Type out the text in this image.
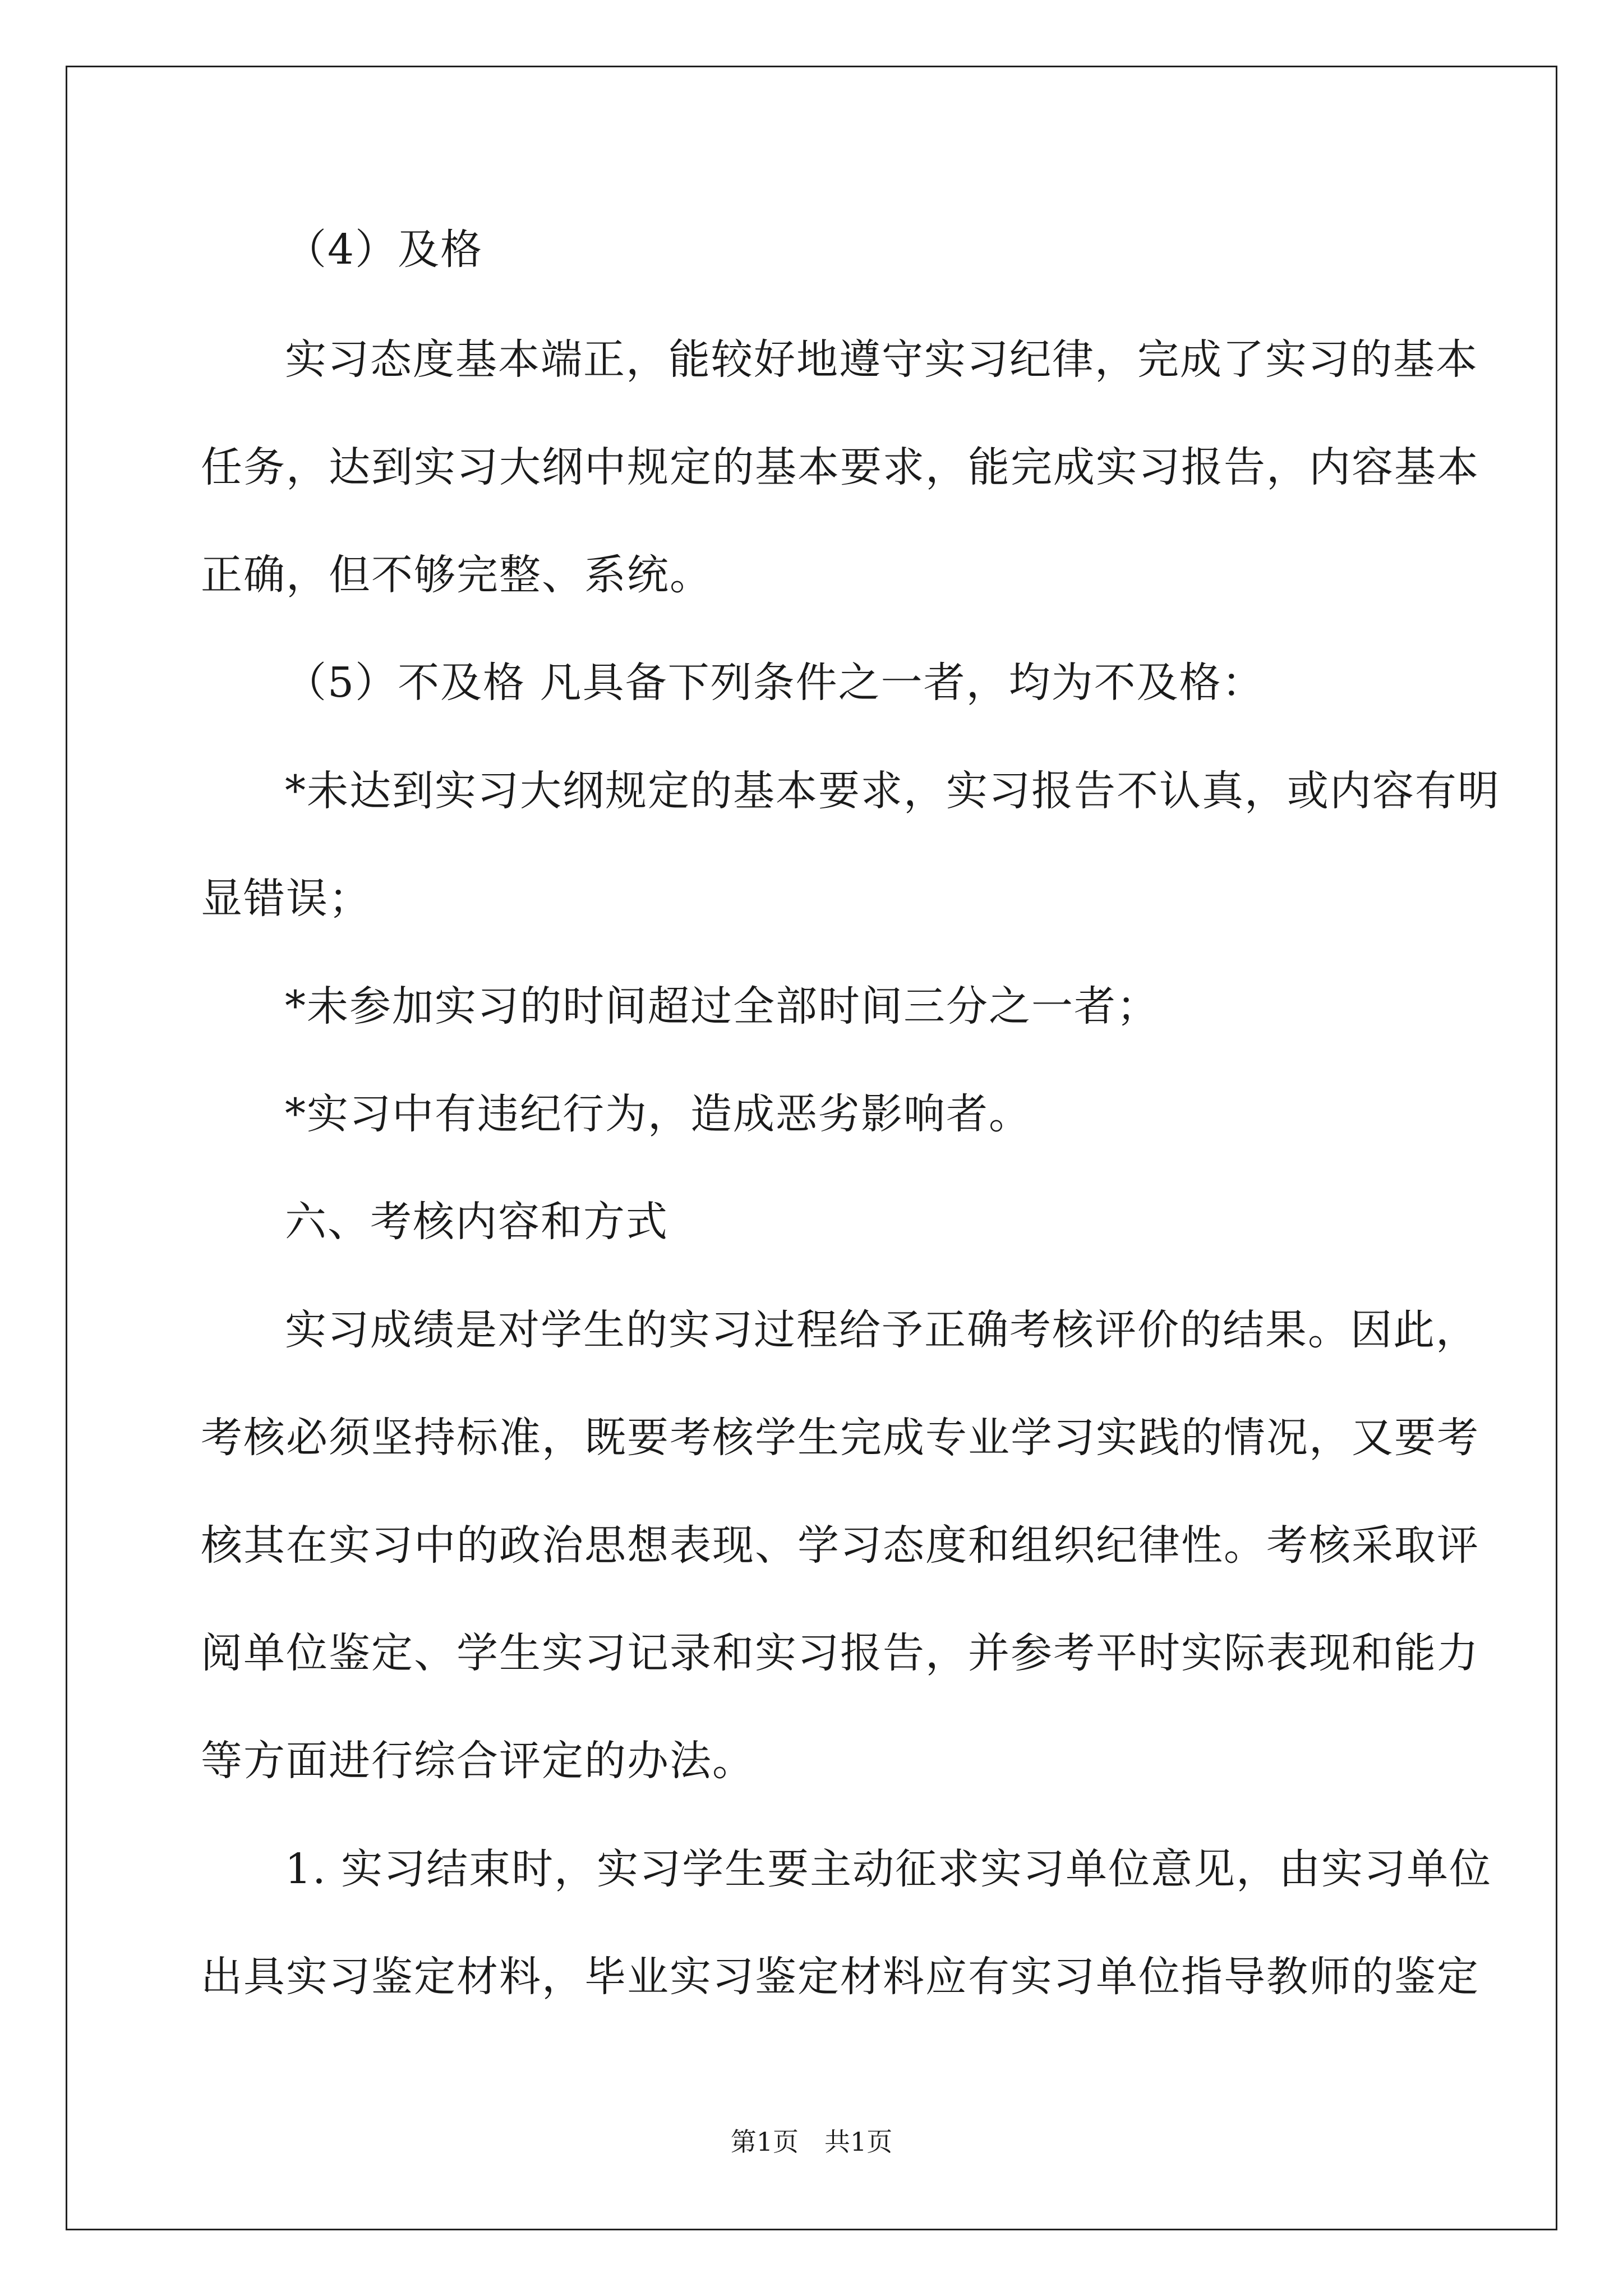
（4）及格
实习态度基本端正，能较好地遵守实习纪律，完成了实习的基本
任务，达到实习大纲中规定的基本要求，能完成实习报告，内容基本
正确，但不够完整、系统。
（5）不及格 凡具备下列条件之一者，均为不及格：
*未达到实习大纲规定的基本要求，实习报告不认真，或内容有明
显错误；
*未参加实习的时间超过全部时间三分之一者；
*实习中有违纪行为，造成恶劣影响者。
六、考核内容和方式
实习成绩是对学生的实习过程给予正确考核评价的结果。因此，
考核必须坚持标准，既要考核学生完成专业学习实践的情况，又要考
核其在实习中的政治思想表现、学习态度和组织纪律性。考核采取评
阅单位鉴定、学生实习记录和实习报告，并参考平时实际表现和能力
等方面进行综合评定的办法。
1. 实习结束时，实习学生要主动征求实习单位意见，由实习单位
出具实习鉴定材料，毕业实习鉴定材料应有实习单位指导教师的鉴定
第1页　共1页
